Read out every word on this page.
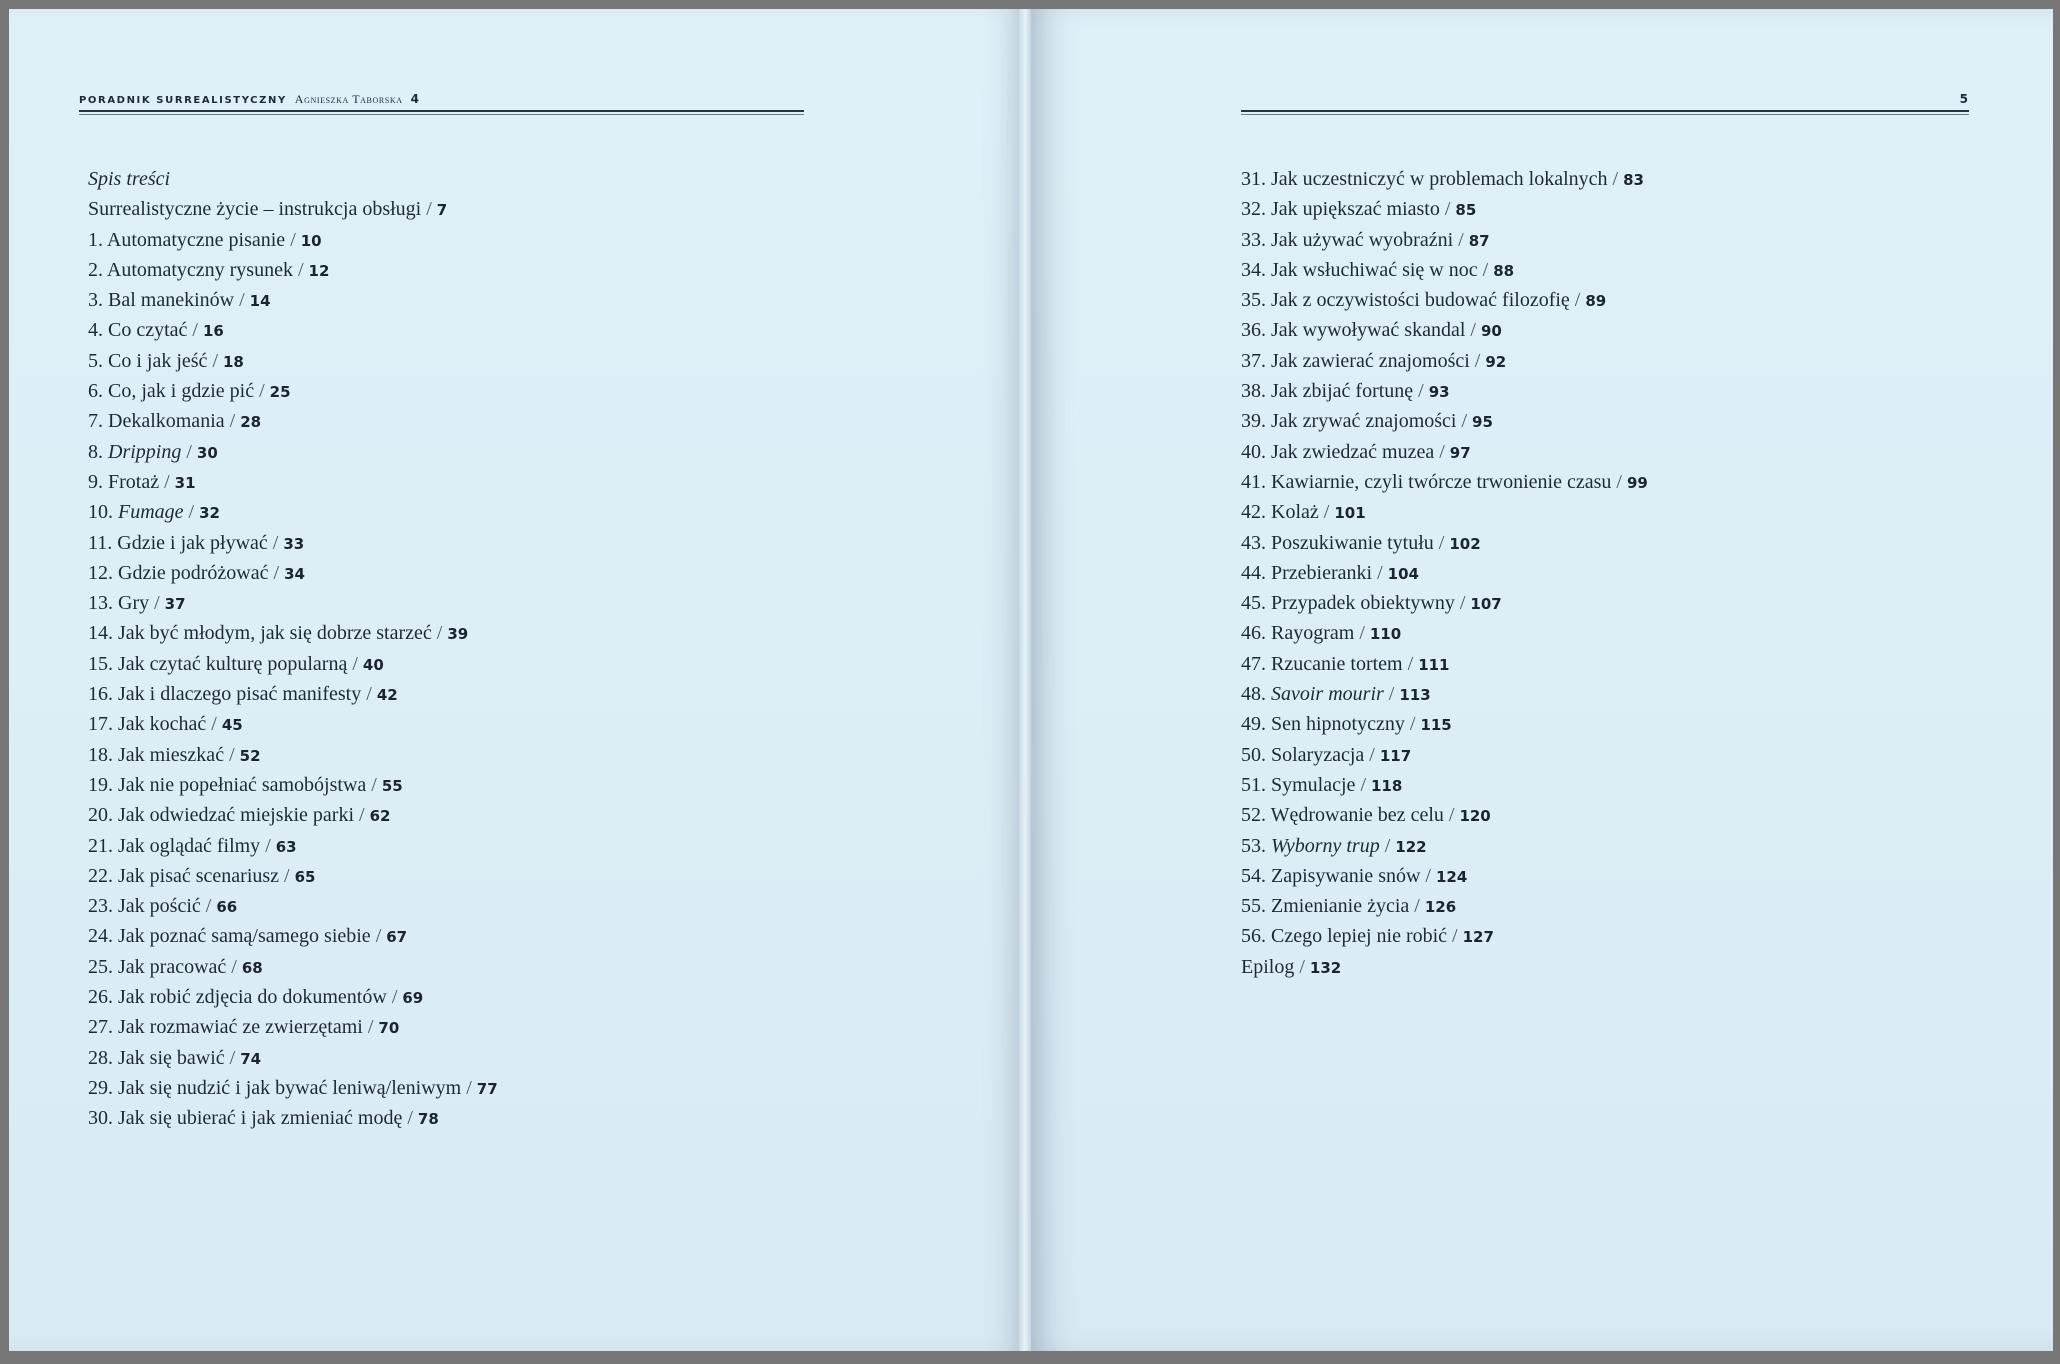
PORADNIK SURREALISTYCZNY Agnieszka Taborska 4	5
Spis treści
Surrealistyczne życie – instrukcja obsługi / 7
1. Automatyczne pisanie / 10
2. Automatyczny rysunek / 12
3. Bal manekinów / 14
4. Co czytać / 16
5. Co i jak jeść / 18
6. Co, jak i gdzie pić / 25
7. Dekalkomania / 28
8. Dripping / 30
9. Frotaż / 31
10. Fumage / 32
11. Gdzie i jak pływać / 33
12. Gdzie podróżować / 34
13. Gry / 37
14. Jak być młodym, jak się dobrze starzeć / 39
15. Jak czytać kulturę popularną / 40
16. Jak i dlaczego pisać manifesty / 42
17. Jak kochać / 45
18. Jak mieszkać / 52
19. Jak nie popełniać samobójstwa / 55
20. Jak odwiedzać miejskie parki / 62
21. Jak oglądać filmy / 63
22. Jak pisać scenariusz / 65
23. Jak pościć / 66
24. Jak poznać samą/samego siebie / 67
25. Jak pracować / 68
26. Jak robić zdjęcia do dokumentów / 69
27. Jak rozmawiać ze zwierzętami / 70
28. Jak się bawić / 74
29. Jak się nudzić i jak bywać leniwą/leniwym / 77
30. Jak się ubierać i jak zmieniać modę / 78
31. Jak uczestniczyć w problemach lokalnych / 83
32. Jak upiększać miasto / 85
33. Jak używać wyobraźni / 87
34. Jak wsłuchiwać się w noc / 88
35. Jak z oczywistości budować filozofię / 89
36. Jak wywoływać skandal / 90
37. Jak zawierać znajomości / 92
38. Jak zbijać fortunę / 93
39. Jak zrywać znajomości / 95
40. Jak zwiedzać muzea / 97
41. Kawiarnie, czyli twórcze trwonienie czasu / 99
42. Kolaż / 101
43. Poszukiwanie tytułu / 102
44. Przebieranki / 104
45. Przypadek obiektywny / 107
46. Rayogram / 110
47. Rzucanie tortem / 111
48. Savoir mourir / 113
49. Sen hipnotyczny / 115
50. Solaryzacja / 117
51. Symulacje / 118
52. Wędrowanie bez celu / 120
53. Wyborny trup / 122
54. Zapisywanie snów / 124
55. Zmienianie życia / 126
56. Czego lepiej nie robić / 127
Epilog / 132
